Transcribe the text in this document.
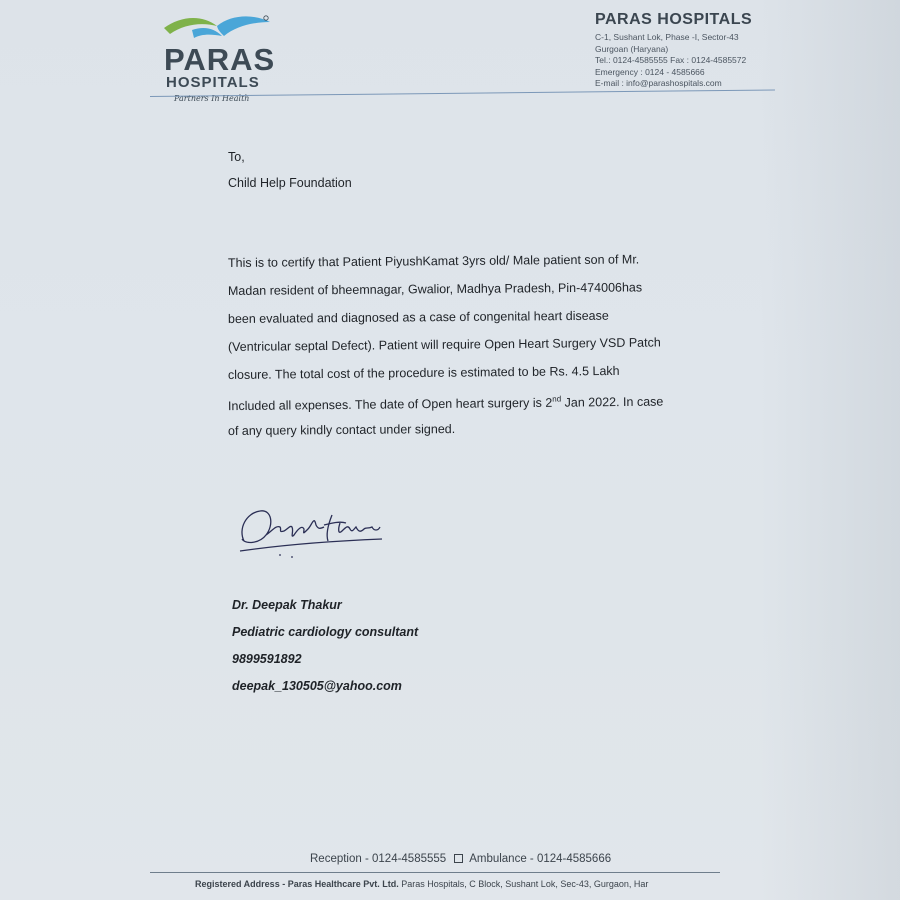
PARAS
HOSPITALS
Partners In Health
PARAS HOSPITALS
C-1, Sushant Lok, Phase -I, Sector-43
Gurgoan (Haryana)
Tel.: 0124-4585555 Fax : 0124-4585572
Emergency : 0124 - 4585666
E-mail : info@parashospitals.com
To,
Child Help Foundation
This is to certify that Patient PiyushKamat 3yrs old/ Male patient son of Mr.
Madan resident of bheemnagar, Gwalior, Madhya Pradesh, Pin-474006has
been evaluated and diagnosed as a case of congenital heart disease
(Ventricular septal Defect). Patient will require Open Heart Surgery VSD Patch
closure. The total cost of the procedure is estimated to be Rs. 4.5 Lakh
Included all expenses. The date of Open heart surgery is 2nd Jan 2022. In case
of any query kindly contact under signed.
Dr. Deepak Thakur
Pediatric cardiology consultant
9899591892
deepak_130505@yahoo.com
Reception - 0124-4585555 Ambulance - 0124-4585666
Registered Address - Paras Healthcare Pvt. Ltd. Paras Hospitals, C Block, Sushant Lok, Sec-43, Gurgaon, Har
